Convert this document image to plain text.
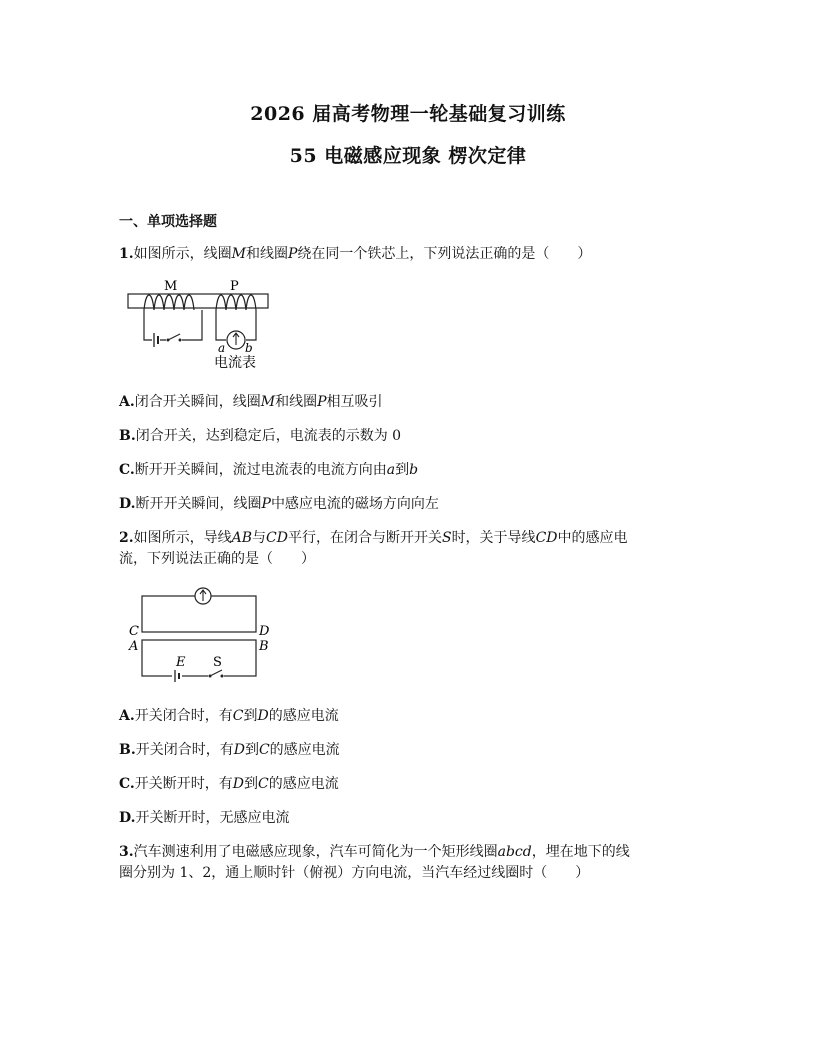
2026 届高考物理一轮基础复习训练
55 电磁感应现象 楞次定律
一、单项选择题
1.如图所示，线圈M和线圈P绕在同一个铁芯上，下列说法正确的是（　　）
M	P
a b
电流表
A.闭合开关瞬间，线圈M和线圈P相互吸引
B.闭合开关，达到稳定后，电流表的示数为 0
C.断开开关瞬间，流过电流表的电流方向由a到b
D.断开开关瞬间，线圈P中感应电流的磁场方向向左
2.如图所示，导线AB与CD平行，在闭合与断开开关S时，关于导线CD中的感应电
流，下列说法正确的是（　　）
C	D
A	B
E S
A.开关闭合时，有C到D的感应电流
B.开关闭合时，有D到C的感应电流
C.开关断开时，有D到C的感应电流
D.开关断开时，无感应电流
3.汽车测速利用了电磁感应现象，汽车可简化为一个矩形线圈abcd，埋在地下的线
圈分别为 1、2，通上顺时针（俯视）方向电流，当汽车经过线圈时（　　）
